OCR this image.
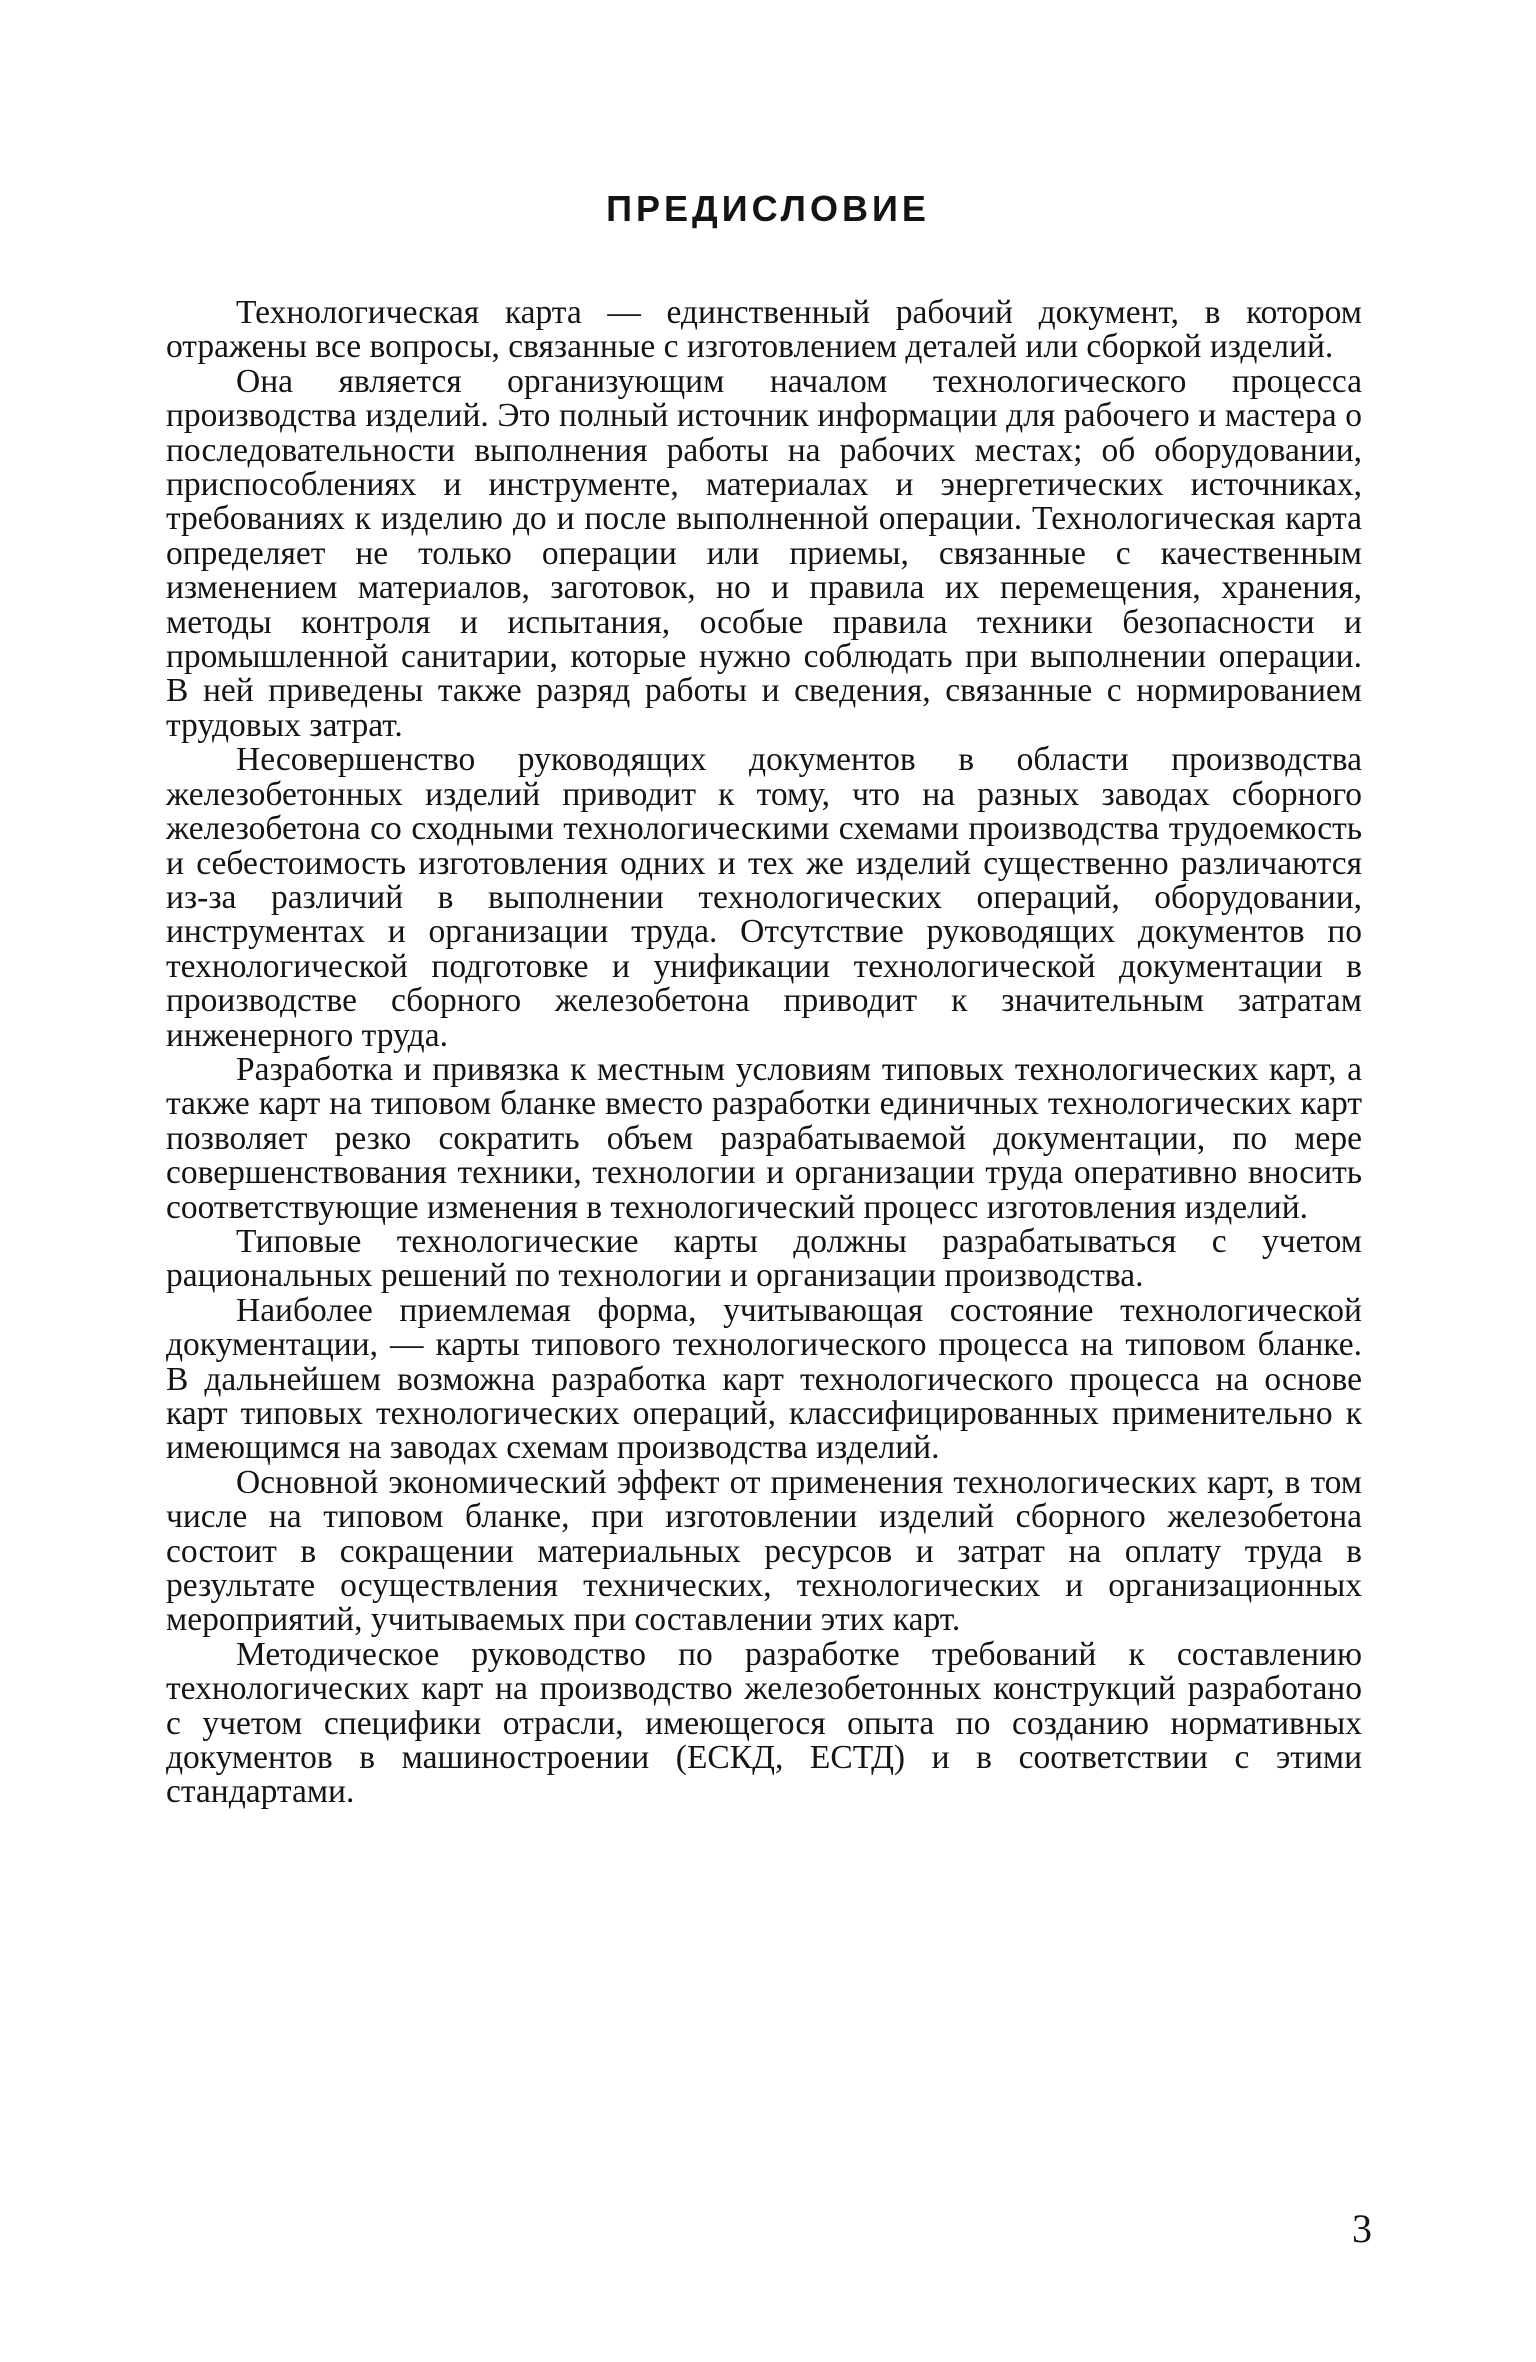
ПРЕДИСЛОВИЕ

Технологическая карта — единственный рабочий документ, в котором отражены все вопросы, связанные с изготовлением деталей или сборкой изделий.

Она является организующим началом технологического процесса производства изделий. Это полный источник информации для рабочего и мастера о последовательности выполнения работы на рабочих местах; об оборудовании, приспособлениях и инструменте, материалах и энергетических источниках, требованиях к изделию до и после выполненной операции. Технологическая карта определяет не только операции или приемы, связанные с качественным изменением материалов, заготовок, но и правила их перемещения, хранения, методы контроля и испытания, особые правила техники безопасности и промышленной санитарии, которые нужно соблюдать при выполнении операции. В ней приведены также разряд работы и сведения, связанные с нормированием трудовых затрат.

Несовершенство руководящих документов в области производства железобетонных изделий приводит к тому, что на разных заводах сборного железобетона со сходными технологическими схемами производства трудоемкость и себестоимость изготовления одних и тех же изделий существенно различаются из-за различий в выполнении технологических операций, оборудовании, инструментах и организации труда. Отсутствие руководящих документов по технологической подготовке и унификации технологической документации в производстве сборного железобетона приводит к значительным затратам инженерного труда.

Разработка и привязка к местным условиям типовых технологических карт, а также карт на типовом бланке вместо разработки единичных технологических карт позволяет резко сократить объем разрабатываемой документации, по мере совершенствования техники, технологии и организации труда оперативно вносить соответствующие изменения в технологический процесс изготовления изделий.

Типовые технологические карты должны разрабатываться с учетом рациональных решений по технологии и организации производства.

Наиболее приемлемая форма, учитывающая состояние технологической документации, — карты типового технологического процесса на типовом бланке. В дальнейшем возможна разработка карт технологического процесса на основе карт типовых технологических операций, классифицированных применительно к имеющимся на заводах схемам производства изделий.

Основной экономический эффект от применения технологических карт, в том числе на типовом бланке, при изготовлении изделий сборного железобетона состоит в сокращении материальных ресурсов и затрат на оплату труда в результате осуществления технических, технологических и организационных мероприятий, учитываемых при составлении этих карт.

Методическое руководство по разработке требований к составлению технологических карт на производство железобетонных конструкций разработано с учетом специфики отрасли, имеющегося опыта по созданию нормативных документов в машиностроении (ЕСКД, ЕСТД) и в соответствии с этими стандартами.

3
